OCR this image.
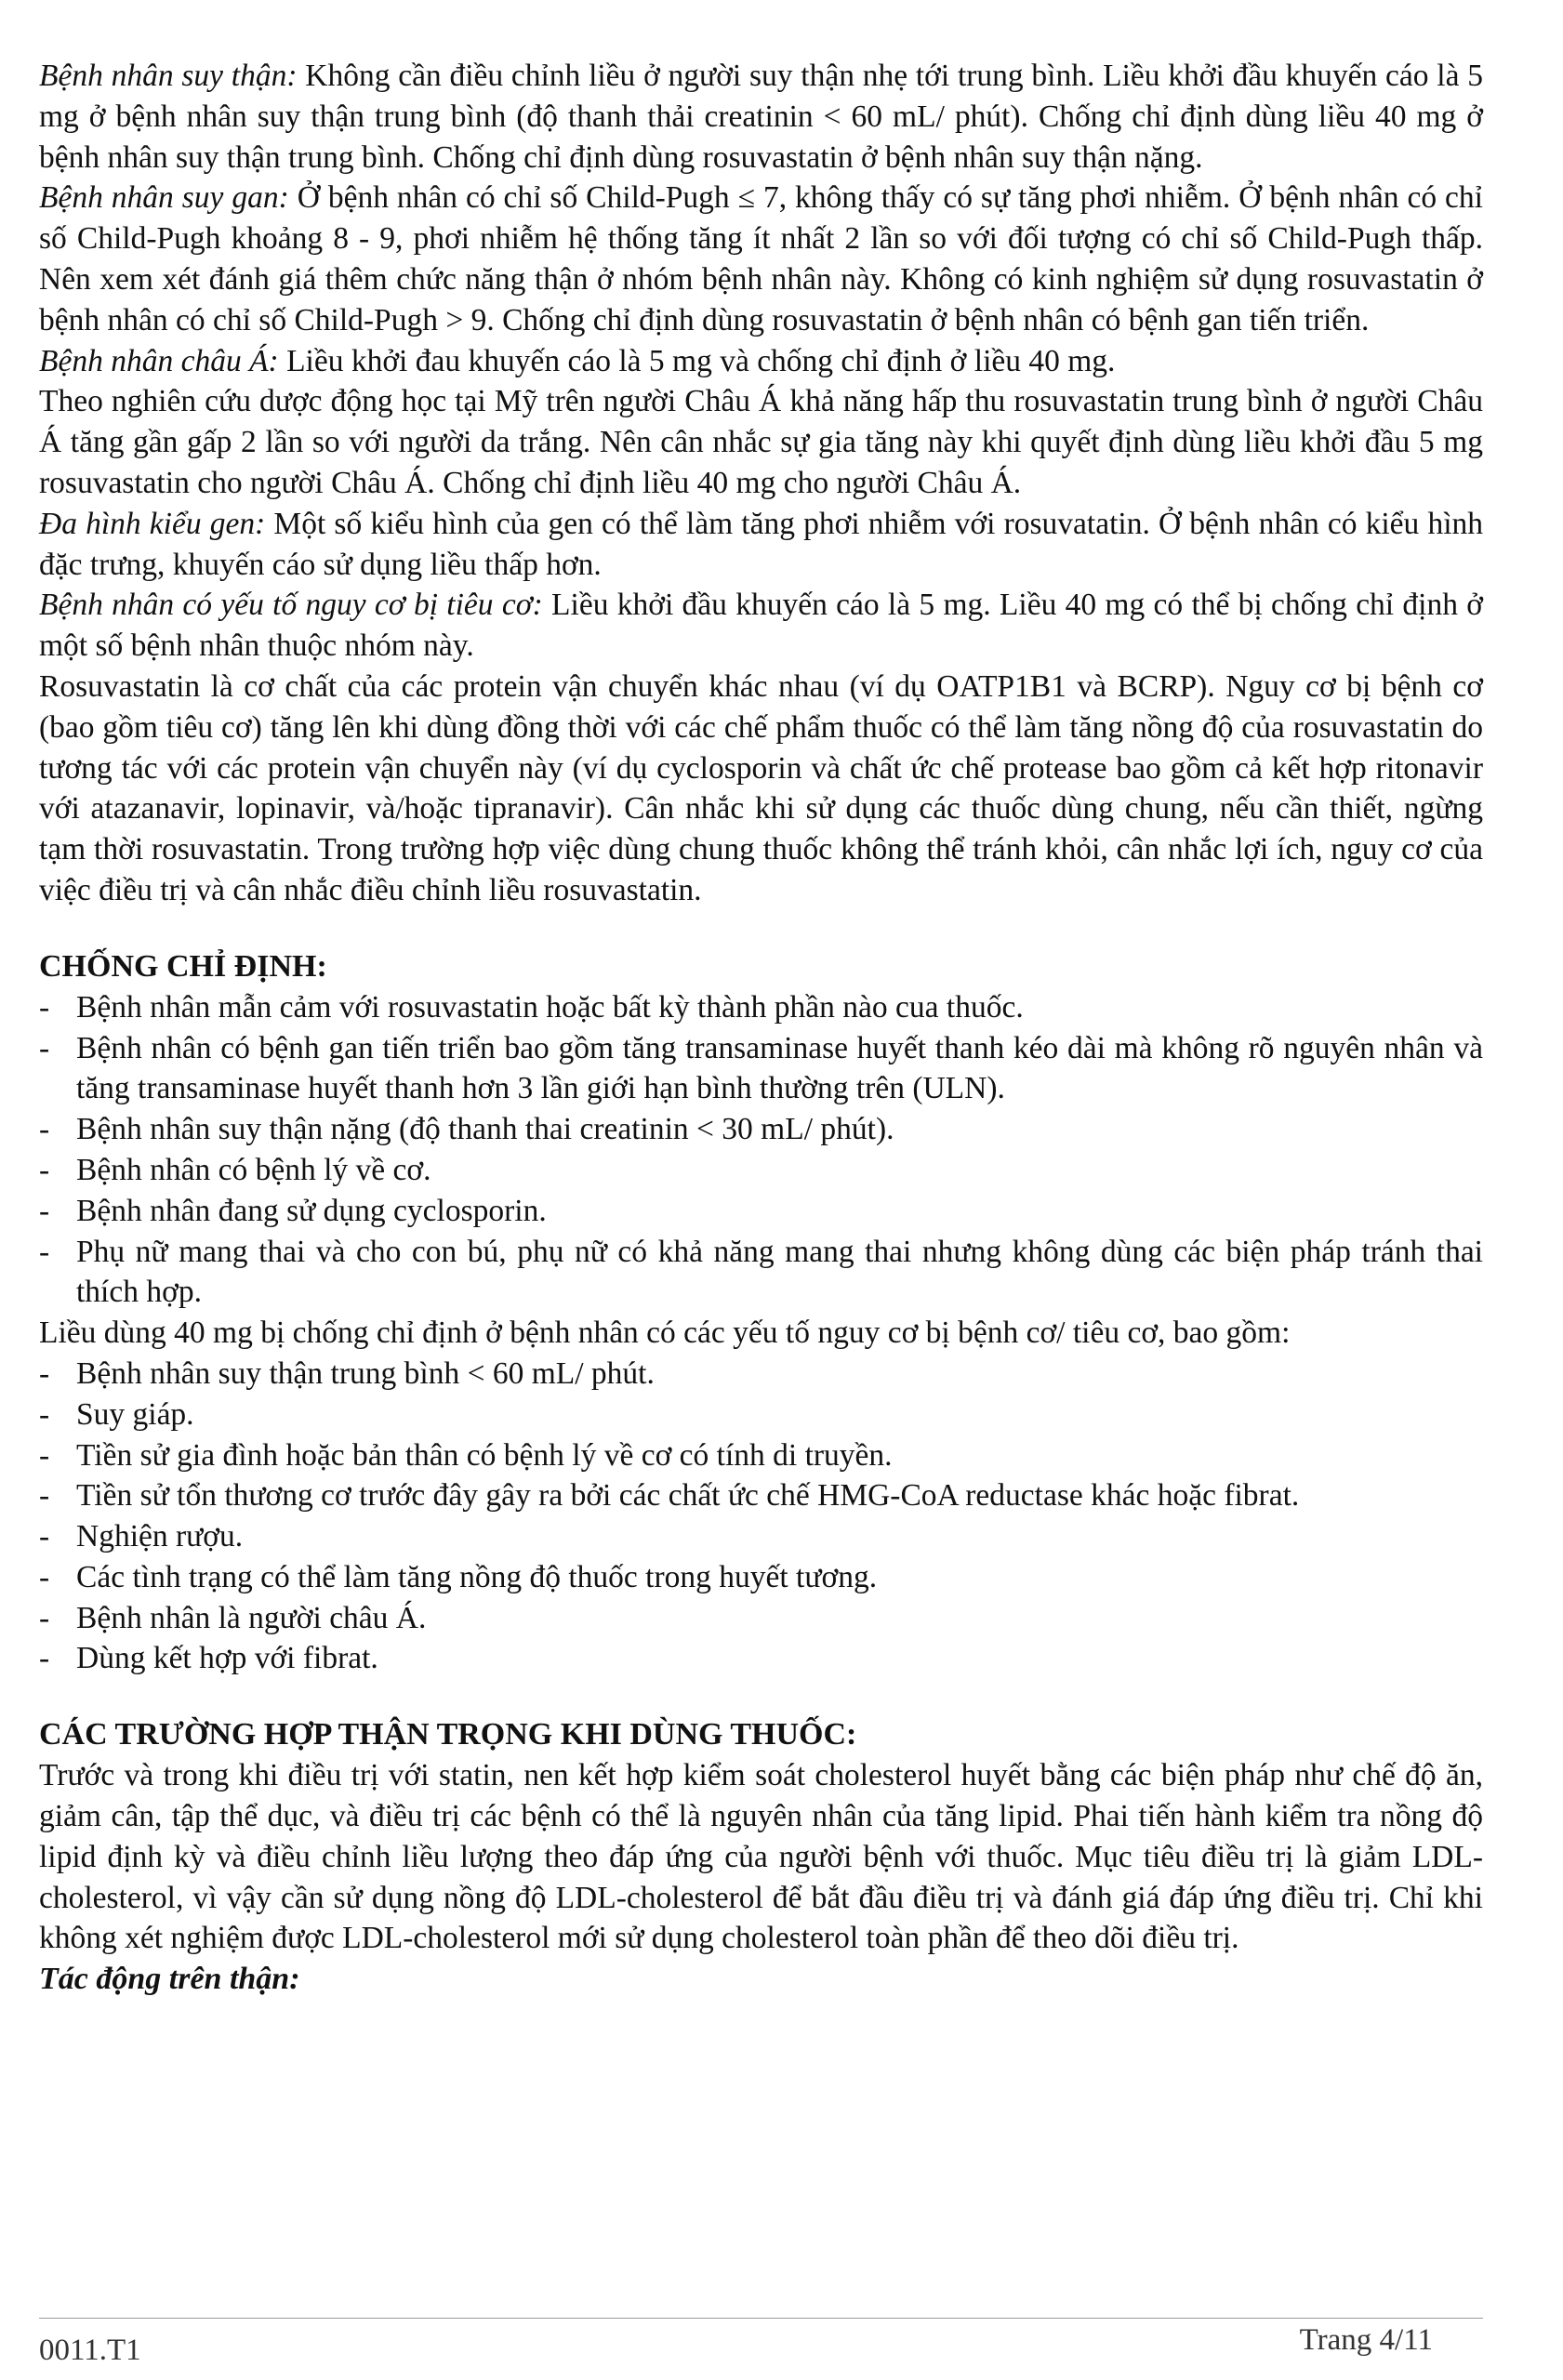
Bệnh nhân suy thận: Không cần điều chỉnh liều ở người suy thận nhẹ tới trung bình. Liều khởi đầu khuyến cáo là 5 mg ở bệnh nhân suy thận trung bình (độ thanh thải creatinin < 60 mL/ phút). Chống chỉ định dùng liều 40 mg ở bệnh nhân suy thận trung bình. Chống chỉ định dùng rosuvastatin ở bệnh nhân suy thận nặng.

Bệnh nhân suy gan: Ở bệnh nhân có chỉ số Child-Pugh ≤ 7, không thấy có sự tăng phơi nhiễm. Ở bệnh nhân có chỉ số Child-Pugh khoảng 8 - 9, phơi nhiễm hệ thống tăng ít nhất 2 lần so với đối tượng có chỉ số Child-Pugh thấp. Nên xem xét đánh giá thêm chức năng thận ở nhóm bệnh nhân này. Không có kinh nghiệm sử dụng rosuvastatin ở bệnh nhân có chỉ số Child-Pugh > 9. Chống chỉ định dùng rosuvastatin ở bệnh nhân có bệnh gan tiến triển.

Bệnh nhân châu Á: Liều khởi đau khuyến cáo là 5 mg và chống chỉ định ở liều 40 mg.

Theo nghiên cứu dược động học tại Mỹ trên người Châu Á khả năng hấp thu rosuvastatin trung bình ở người Châu Á tăng gần gấp 2 lần so với người da trắng. Nên cân nhắc sự gia tăng này khi quyết định dùng liều khởi đầu 5 mg rosuvastatin cho người Châu Á. Chống chỉ định liều 40 mg cho người Châu Á.

Đa hình kiểu gen: Một số kiểu hình của gen có thể làm tăng phơi nhiễm với rosuvatatin. Ở bệnh nhân có kiểu hình đặc trưng, khuyến cáo sử dụng liều thấp hơn.

Bệnh nhân có yếu tố nguy cơ bị tiêu cơ: Liều khởi đầu khuyến cáo là 5 mg. Liều 40 mg có thể bị chống chỉ định ở một số bệnh nhân thuộc nhóm này.

Rosuvastatin là cơ chất của các protein vận chuyển khác nhau (ví dụ OATP1B1 và BCRP). Nguy cơ bị bệnh cơ (bao gồm tiêu cơ) tăng lên khi dùng đồng thời với các chế phẩm thuốc có thể làm tăng nồng độ của rosuvastatin do tương tác với các protein vận chuyển này (ví dụ cyclosporin và chất ức chế protease bao gồm cả kết hợp ritonavir với atazanavir, lopinavir, và/hoặc tipranavir). Cân nhắc khi sử dụng các thuốc dùng chung, nếu cần thiết, ngừng tạm thời rosuvastatin. Trong trường hợp việc dùng chung thuốc không thể tránh khỏi, cân nhắc lợi ích, nguy cơ của việc điều trị và cân nhắc điều chỉnh liều rosuvastatin.

CHỐNG CHỈ ĐỊNH:

- Bệnh nhân mẫn cảm với rosuvastatin hoặc bất kỳ thành phần nào cua thuốc.
- Bệnh nhân có bệnh gan tiến triển bao gồm tăng transaminase huyết thanh kéo dài mà không rõ nguyên nhân và tăng transaminase huyết thanh hơn 3 lần giới hạn bình thường trên (ULN).
- Bệnh nhân suy thận nặng (độ thanh thai creatinin < 30 mL/ phút).
- Bệnh nhân có bệnh lý về cơ.
- Bệnh nhân đang sử dụng cyclosporin.
- Phụ nữ mang thai và cho con bú, phụ nữ có khả năng mang thai nhưng không dùng các biện pháp tránh thai thích hợp.

Liều dùng 40 mg bị chống chỉ định ở bệnh nhân có các yếu tố nguy cơ bị bệnh cơ/ tiêu cơ, bao gồm:

- Bệnh nhân suy thận trung bình < 60 mL/ phút.
- Suy giáp.
- Tiền sử gia đình hoặc bản thân có bệnh lý về cơ có tính di truyền.
- Tiền sử tổn thương cơ trước đây gây ra bởi các chất ức chế HMG-CoA reductase khác hoặc fibrat.
- Nghiện rượu.
- Các tình trạng có thể làm tăng nồng độ thuốc trong huyết tương.
- Bệnh nhân là người châu Á.
- Dùng kết hợp với fibrat.

CÁC TRƯỜNG HỢP THẬN TRỌNG KHI DÙNG THUỐC:

Trước và trong khi điều trị với statin, nen kết hợp kiểm soát cholesterol huyết bằng các biện pháp như chế độ ăn, giảm cân, tập thể dục, và điều trị các bệnh có thể là nguyên nhân của tăng lipid. Phai tiến hành kiểm tra nồng độ lipid định kỳ và điều chỉnh liều lượng theo đáp ứng của người bệnh với thuốc. Mục tiêu điều trị là giảm LDL-cholesterol, vì vậy cần sử dụng nồng độ LDL-cholesterol để bắt đầu điều trị và đánh giá đáp ứng điều trị. Chỉ khi không xét nghiệm được LDL-cholesterol mới sử dụng cholesterol toàn phần để theo dõi điều trị.

Tác động trên thận:

0011.T1	Trang 4/11
